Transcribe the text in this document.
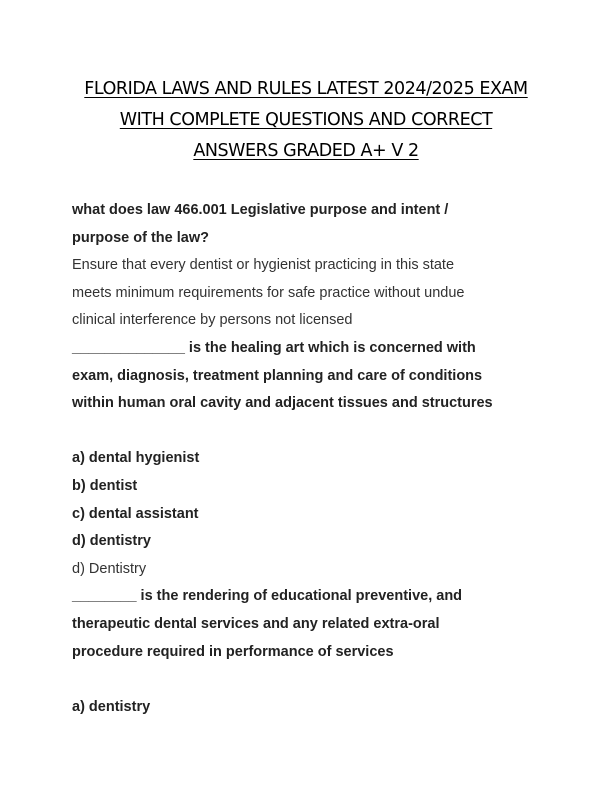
FLORIDA LAWS AND RULES LATEST 2024/2025 EXAM
WITH COMPLETE QUESTIONS AND CORRECT
ANSWERS GRADED A+ V 2
what does law 466.001 Legislative purpose and intent /
purpose of the law?
Ensure that every dentist or hygienist practicing in this state
meets minimum requirements for safe practice without undue
clinical interference by persons not licensed
______________ is the healing art which is concerned with
exam, diagnosis, treatment planning and care of conditions
within human oral cavity and adjacent tissues and structures
a) dental hygienist
b) dentist
c) dental assistant
d) dentistry
d) Dentistry
________ is the rendering of educational preventive, and
therapeutic dental services and any related extra-oral
procedure required in performance of services
a) dentistry
